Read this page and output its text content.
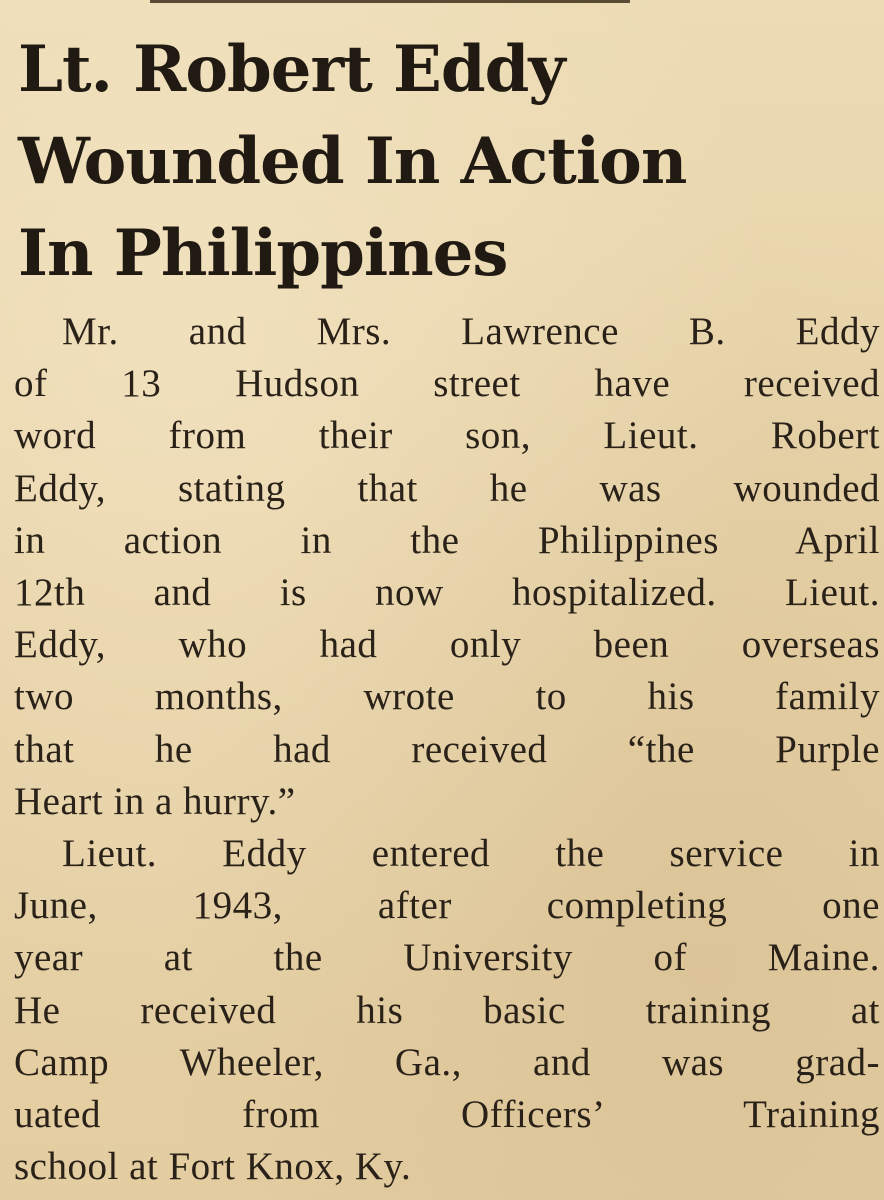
Lt. Robert Eddy
Wounded In Action
In Philippines
Mr. and Mrs. Lawrence B. Eddy
of 13 Hudson street have received
word from their son, Lieut. Robert
Eddy, stating that he was wounded
in action in the Philippines April
12th and is now hospitalized. Lieut.
Eddy, who had only been overseas
two months, wrote to his family
that he had received “the Purple
Heart in a hurry.”
Lieut. Eddy entered the service in
June, 1943, after completing one
year at the University of Maine.
He received his basic training at
Camp Wheeler, Ga., and was grad-
uated from Officers’ Training
school at Fort Knox, Ky.
